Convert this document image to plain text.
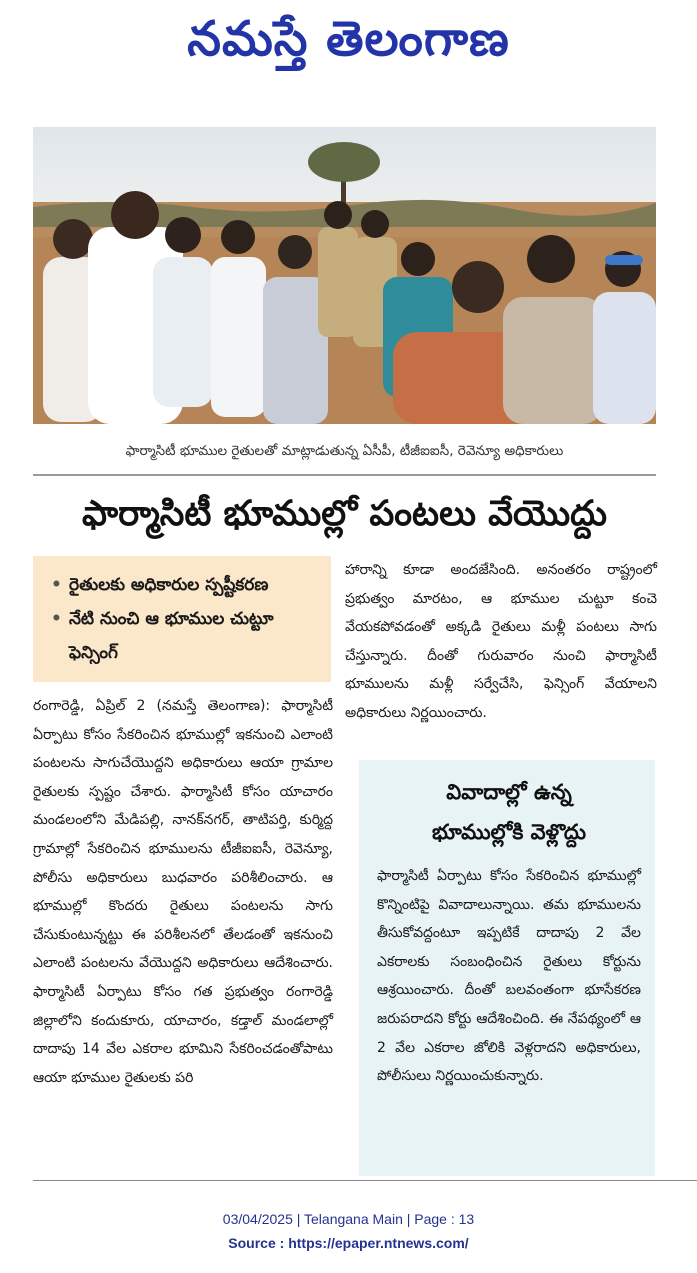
నమస్తే తెలంగాణ
ఫార్మాసిటీ భూముల రైతులతో మాట్లాడుతున్న ఏసీపీ, టీజీఐఐసీ, రెవెన్యూ అధికారులు
ఫార్మాసిటీ భూముల్లో పంటలు వేయొద్దు
• రైతులకు అధికారుల స్పష్టీకరణ
• నేటి నుంచి ఆ భూముల చుట్టూ ఫెన్సింగ్

రంగారెడ్డి, ఏప్రిల్ 2 (నమస్తే తెలంగాణ): ఫార్మాసిటీ ఏర్పాటు కోసం సేకరించిన భూముల్లో ఇకనుంచి ఎలాంటి పంటలను సాగుచేయొద్దని అధికారులు ఆయా గ్రామాల రైతులకు స్పష్టం చేశారు. ఫార్మాసిటీ కోసం యాచారం మండలంలోని మేడిపల్లి, నానక్‌నగర్, తాటిపర్తి, కుర్మిద్ద గ్రామాల్లో సేకరించిన భూములను టీజీఐఐసీ, రెవెన్యూ, పోలీసు అధికారులు బుధవారం పరిశీలించారు. ఆ భూముల్లో కొందరు రైతులు పంటలను సాగు చేసుకుంటున్నట్టు ఈ పరిశీలనలో తేలడంతో ఇకనుంచి ఎలాంటి పంటలను వేయొద్దని అధికారులు ఆదేశించారు. ఫార్మాసిటీ ఏర్పాటు కోసం గత ప్రభుత్వం రంగారెడ్డి జిల్లాలోని కందుకూరు, యాచారం, కడ్తాల్ మండలాల్లో దాదాపు 14 వేల ఎకరాల భూమిని సేకరించడంతోపాటు ఆయా భూముల రైతులకు పరి

హారాన్ని కూడా అందజేసింది. అనంతరం రాష్ట్రంలో ప్రభుత్వం మారటం, ఆ భూముల చుట్టూ కంచె వేయకపోవడంతో అక్కడి రైతులు మళ్లీ పంటలు సాగు చేస్తున్నారు. దీంతో గురువారం నుంచి ఫార్మాసిటీ భూములను మళ్లీ సర్వేచేసి, ఫెన్సింగ్ వేయాలని అధికారులు నిర్ణయించారు.

వివాదాల్లో ఉన్న
భూముల్లోకి వెళ్లొద్దు

ఫార్మాసిటీ ఏర్పాటు కోసం సేకరించిన భూముల్లో కొన్నింటిపై వివాదాలున్నాయి. తమ భూములను తీసుకోవద్దంటూ ఇప్పటికే దాదాపు 2 వేల ఎకరాలకు సంబంధించిన రైతులు కోర్టును ఆశ్రయించారు. దీంతో బలవంతంగా భూసేకరణ జరుపరాదని కోర్టు ఆదేశించింది. ఈ నేపథ్యంలో ఆ 2 వేల ఎకరాల జోలికి వెళ్లరాదని అధికారులు, పోలీసులు నిర్ణయించుకున్నారు.

03/04/2025 | Telangana Main | Page : 13
Source : https://epaper.ntnews.com/
